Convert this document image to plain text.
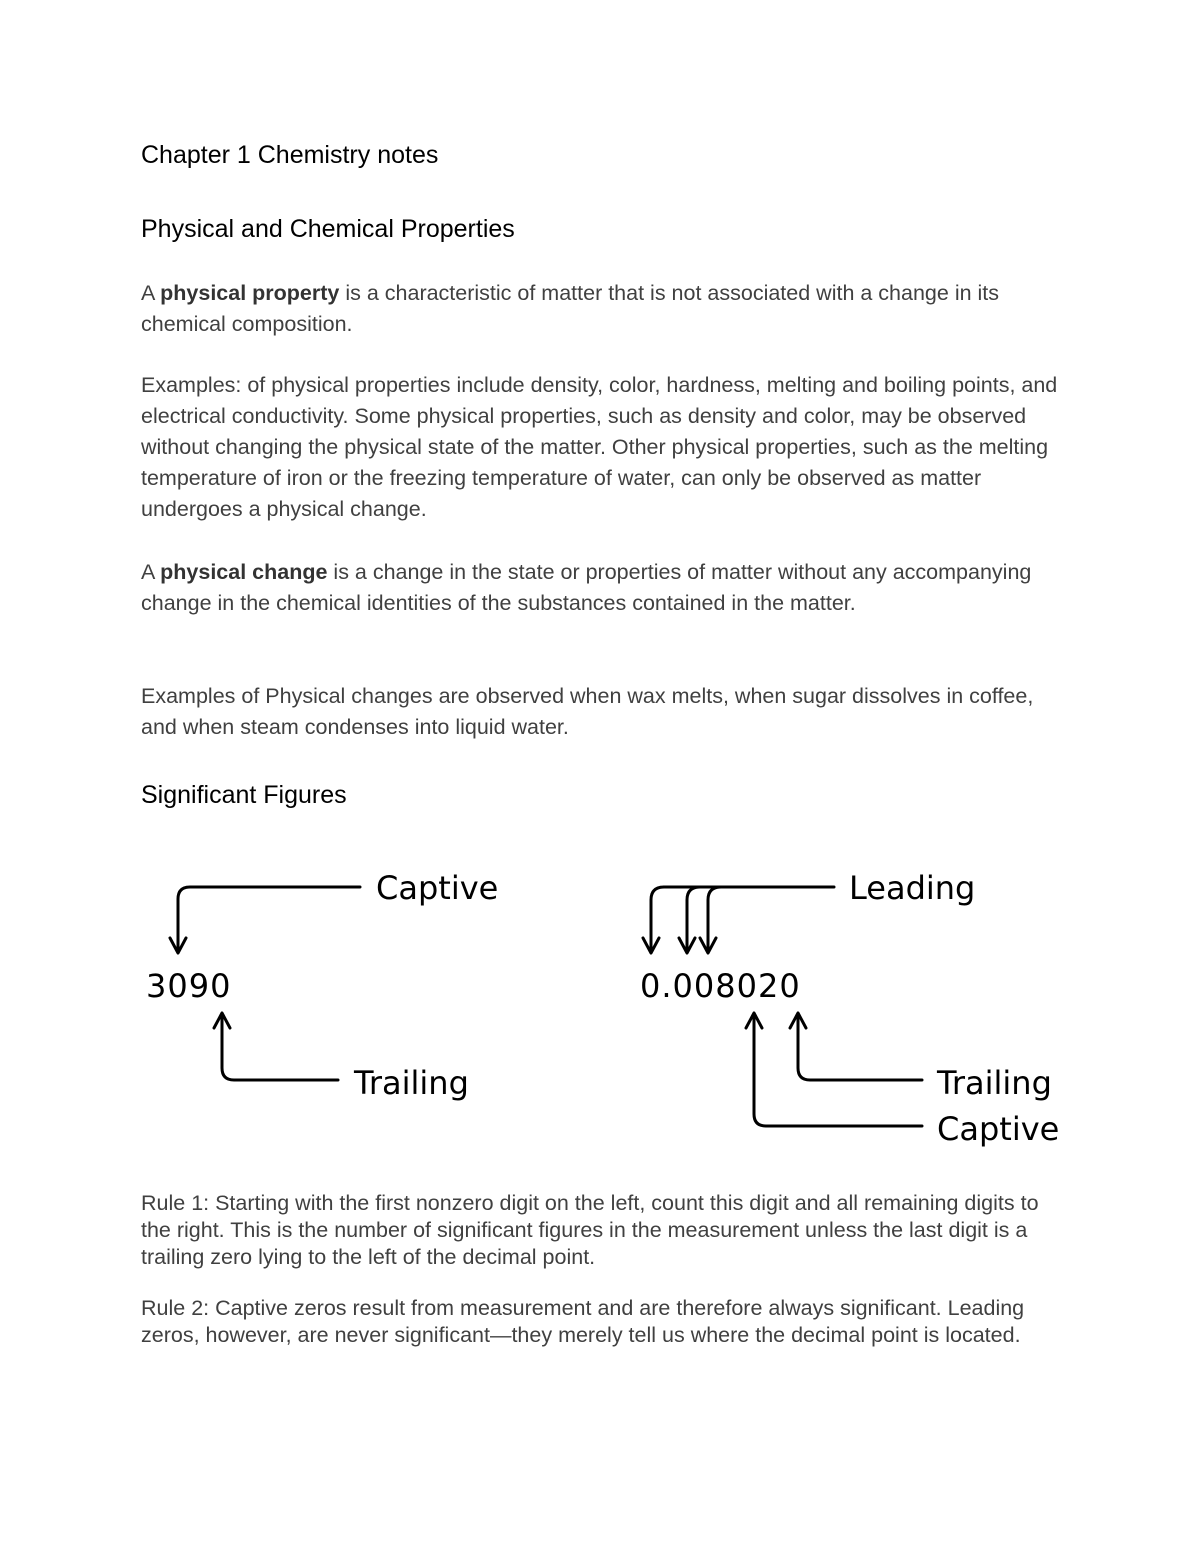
Chapter 1 Chemistry notes
Physical and Chemical Properties
A physical property is a characteristic of matter that is not associated with a change in its chemical composition.
Examples: of physical properties include density, color, hardness, melting and boiling points, and electrical conductivity. Some physical properties, such as density and color, may be observed without changing the physical state of the matter. Other physical properties, such as the melting temperature of iron or the freezing temperature of water, can only be observed as matter undergoes a physical change.
A physical change is a change in the state or properties of matter without any accompanying change in the chemical identities of the substances contained in the matter.
Examples of Physical changes are observed when wax melts, when sugar dissolves in coffee, and when steam condenses into liquid water.
Significant Figures
Rule 1: Starting with the first nonzero digit on the left, count this digit and all remaining digits to the right. This is the number of significant figures in the measurement unless the last digit is a trailing zero lying to the left of the decimal point.
Rule 2: Captive zeros result from measurement and are therefore always significant. Leading zeros, however, are never significant—they merely tell us where the decimal point is located.
Captive
3090
Trailing
Leading
0.008020
Trailing
Captive
